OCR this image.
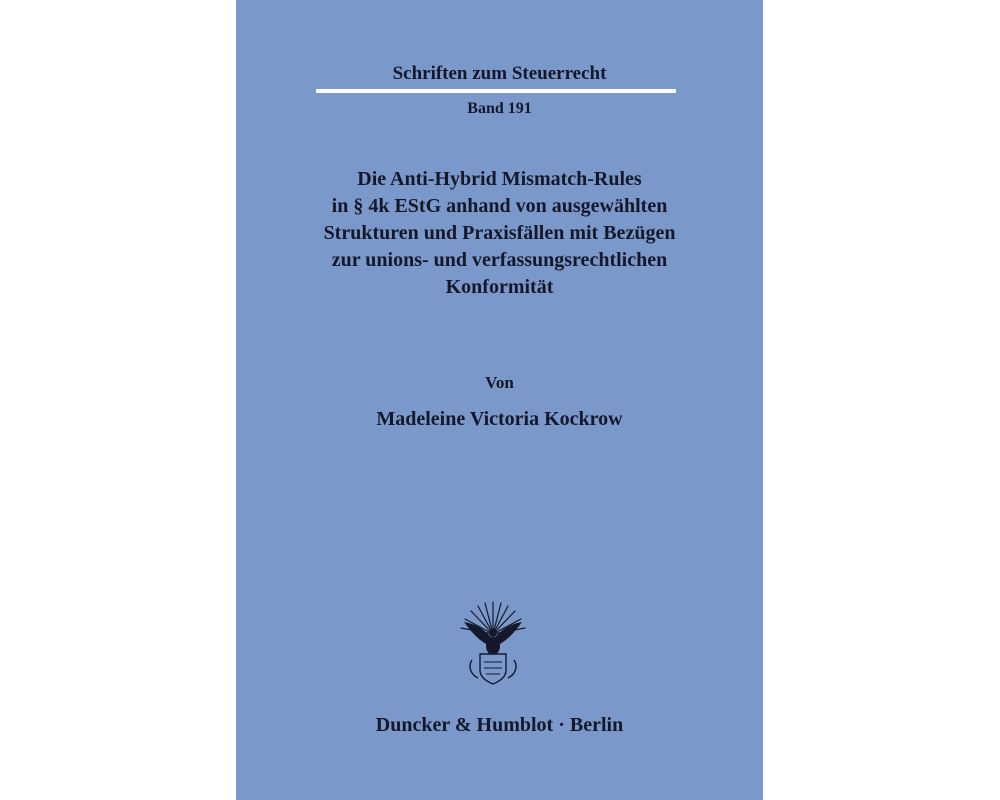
Schriften zum Steuerrecht

Band 191

Die Anti-Hybrid Mismatch-Rules
in § 4k EStG anhand von ausgewählten
Strukturen und Praxisfällen mit Bezügen
zur unions- und verfassungsrechtlichen
Konformität

Von

Madeleine Victoria Kockrow

Duncker & Humblot · Berlin
